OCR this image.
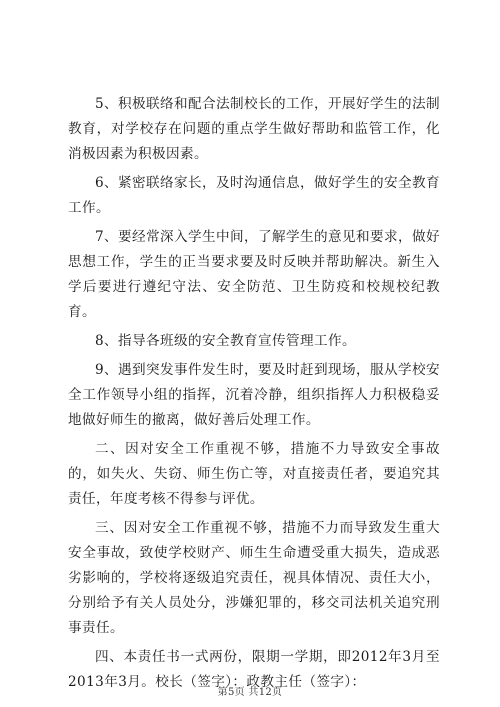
5、积极联络和配合法制校长的工作，开展好学生的法制教育，对学校存在问题的重点学生做好帮助和监管工作，化消极因素为积极因素。

6、紧密联络家长，及时沟通信息，做好学生的安全教育工作。

7、要经常深入学生中间，了解学生的意见和要求，做好思想工作，学生的正当要求要及时反映并帮助解决。新生入学后要进行遵纪守法、安全防范、卫生防疫和校规校纪教育。

8、指导各班级的安全教育宣传管理工作。

9、遇到突发事件发生时，要及时赶到现场，服从学校安全工作领导小组的指挥，沉着冷静，组织指挥人力积极稳妥地做好师生的撤离，做好善后处理工作。

二、因对安全工作重视不够，措施不力导致安全事故的，如失火、失窃、师生伤亡等，对直接责任者，要追究其责任，年度考核不得参与评优。

三、因对安全工作重视不够，措施不力而导致发生重大安全事故，致使学校财产、师生生命遭受重大损失，造成恶劣影响的，学校将逐级追究责任，视具体情况、责任大小，分别给予有关人员处分，涉嫌犯罪的，移交司法机关追究刑事责任。

四、本责任书一式两份，限期一学期，即2012年3月至2013年3月。校长（签字）：政教主任（签字）：

第5页 共12页
